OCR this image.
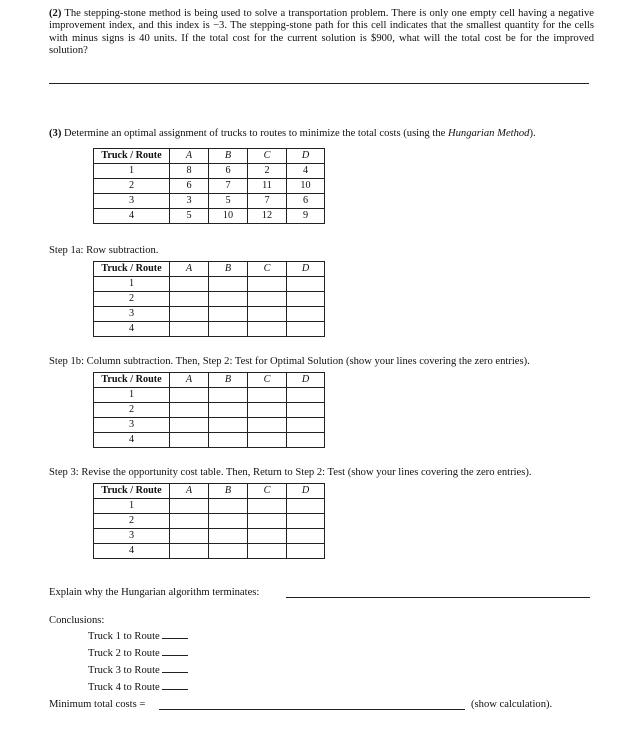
(2) The stepping-stone method is being used to solve a transportation problem. There is only one empty cell having a negative improvement index, and this index is −3. The stepping-stone path for this cell indicates that the smallest quantity for the cells with minus signs is 40 units. If the total cost for the current solution is $900, what will the total cost be for the improved solution?
(3) Determine an optimal assignment of trucks to routes to minimize the total costs (using the Hungarian Method).
Truck / Route	A	B	C	D
1	8	6	2	4
2	6	7	11	10
3	3	5	7	6
4	5	10	12	9
Step 1a: Row subtraction.
Truck / Route	A	B	C	D
1				
2				
3				
4				
Step 1b: Column subtraction. Then, Step 2: Test for Optimal Solution (show your lines covering the zero entries).
Truck / Route	A	B	C	D
1				
2				
3				
4				
Step 3: Revise the opportunity cost table. Then, Return to Step 2: Test (show your lines covering the zero entries).
Truck / Route	A	B	C	D
1				
2				
3				
4				
Explain why the Hungarian algorithm terminates:
Conclusions:
Truck 1 to Route
Truck 2 to Route
Truck 3 to Route
Truck 4 to Route
Minimum total costs =	(show calculation).
